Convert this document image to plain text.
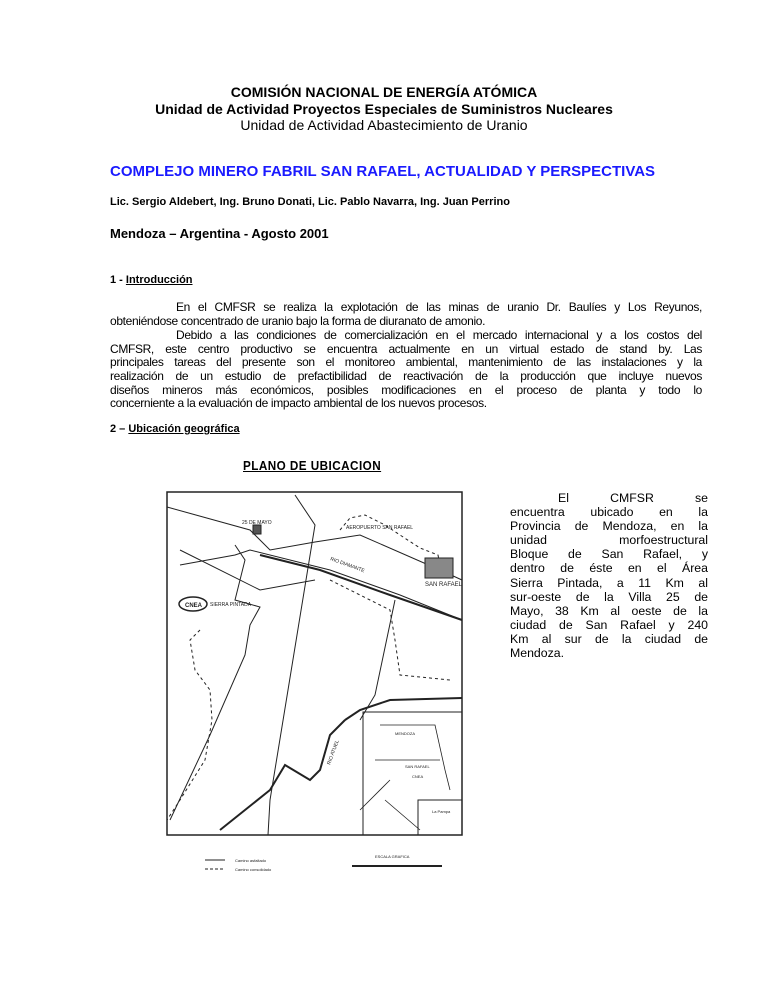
COMISIÓN NACIONAL DE ENERGÍA ATÓMICA
Unidad de Actividad Proyectos Especiales de Suministros Nucleares
Unidad de Actividad Abastecimiento de Uranio
COMPLEJO MINERO FABRIL SAN RAFAEL, ACTUALIDAD Y PERSPECTIVAS
Lic. Sergio Aldebert, Ing. Bruno Donati, Lic. Pablo Navarra, Ing. Juan Perrino
Mendoza – Argentina - Agosto 2001
1 - Introducción
En el CMFSR se realiza la explotación de las minas de uranio Dr. Baulíes y Los Reyunos,
obteniéndose concentrado de uranio bajo la forma de diuranato de amonio.
Debido a las condiciones de comercialización en el mercado internacional y a los costos del
CMFSR, este centro productivo se encuentra actualmente en un virtual estado de stand by. Las
principales tareas del presente son el monitoreo ambiental, mantenimiento de las instalaciones y la
realización de un estudio de prefactibilidad de reactivación de la producción que incluye nuevos
diseños mineros más económicos, posibles modificaciones en el proceso de planta y todo lo
concerniente a la evaluación de impacto ambiental de los nuevos procesos.
2 – Ubicación geográfica
PLANO DE UBICACION
25 DE MAYO
AEROPUERTO SAN RAFAEL
RIO DIAMANTE
SAN RAFAEL
CNEA SIERRA PINTADA
RIO ATUEL
MENDOZA
SAN RAFAEL
CNEA
La Pampa
ESCALA GRAFICA
Camino asfaltado
Camino consolidado
El CMFSR se
encuentra ubicado en la
Provincia de Mendoza, en la
unidad morfoestructural
Bloque de San Rafael, y
dentro de éste en el Área
Sierra Pintada, a 11 Km al
sur-oeste de la Villa 25 de
Mayo, 38 Km al oeste de la
ciudad de San Rafael y 240
Km al sur de la ciudad de
Mendoza.
